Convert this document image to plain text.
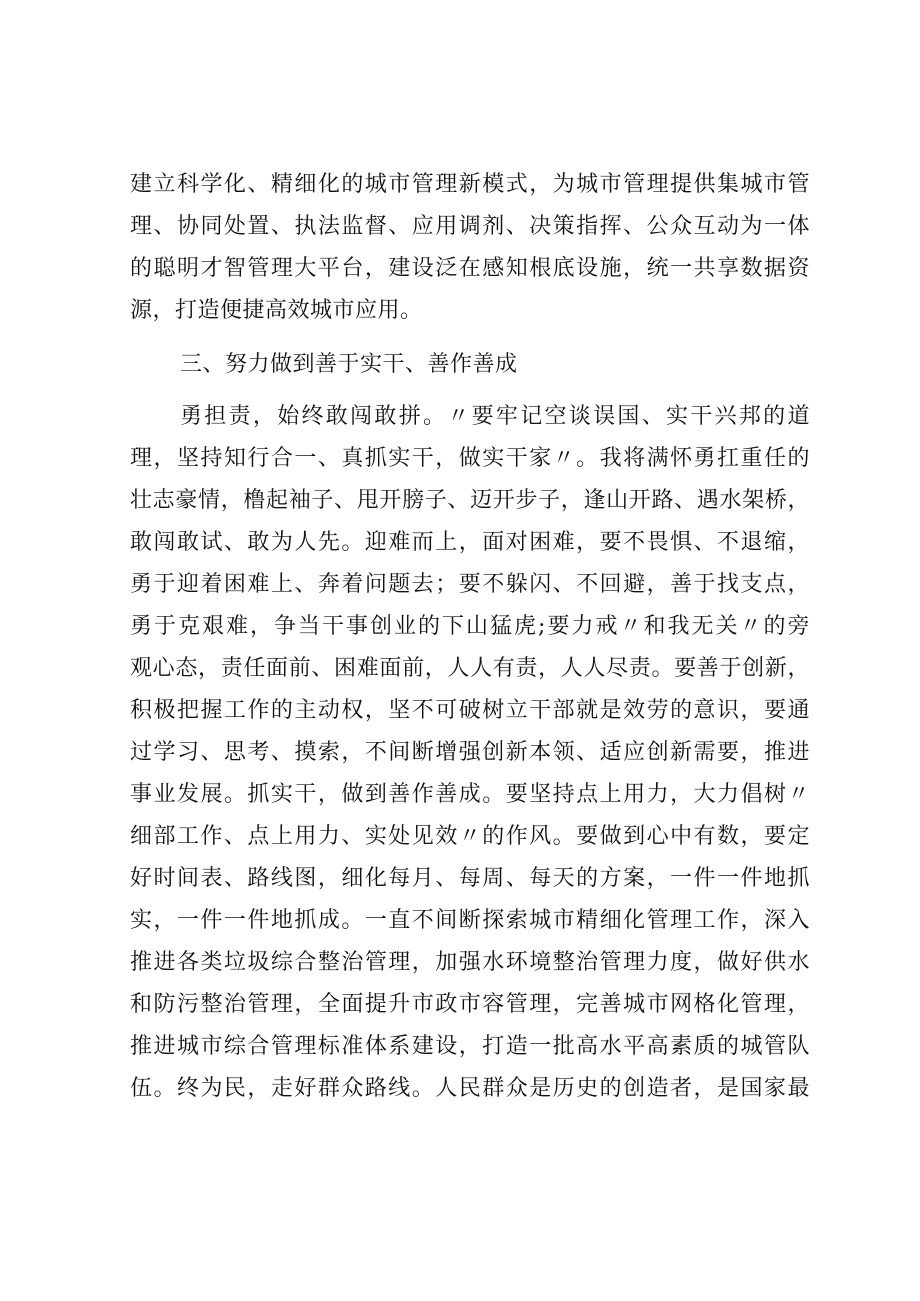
建立科学化、精细化的城市管理新模式，为城市管理提供集城市管
理、协同处置、执法监督、应用调剂、决策指挥、公众互动为一体
的聪明才智管理大平台，建设泛在感知根底设施，统一共享数据资
源，打造便捷高效城市应用。
三、努力做到善于实干、善作善成
勇担责，始终敢闯敢拼。〃要牢记空谈误国、实干兴邦的道
理，坚持知行合一、真抓实干，做实干家〃。我将满怀勇扛重任的
壮志豪情，橹起袖子、甩开膀子、迈开步子，逢山开路、遇水架桥，
敢闯敢试、敢为人先。迎难而上，面对困难，要不畏惧、不退缩，
勇于迎着困难上、奔着问题去；要不躲闪、不回避，善于找支点，
勇于克艰难，争当干事创业的下山猛虎;要力戒〃和我无关〃的旁
观心态，责任面前、困难面前，人人有责，人人尽责。要善于创新，
积极把握工作的主动权，坚不可破树立干部就是效劳的意识，要通
过学习、思考、摸索，不间断增强创新本领、适应创新需要，推进
事业发展。抓实干，做到善作善成。要坚持点上用力，大力倡树〃
细部工作、点上用力、实处见效〃的作风。要做到心中有数，要定
好时间表、路线图，细化每月、每周、每天的方案，一件一件地抓
实，一件一件地抓成。一直不间断探索城市精细化管理工作，深入
推进各类垃圾综合整治管理，加强水环境整治管理力度，做好供水
和防污整治管理，全面提升市政市容管理，完善城市网格化管理，
推进城市综合管理标准体系建设，打造一批高水平高素质的城管队
伍。终为民，走好群众路线。人民群众是历史的创造者，是国家最
